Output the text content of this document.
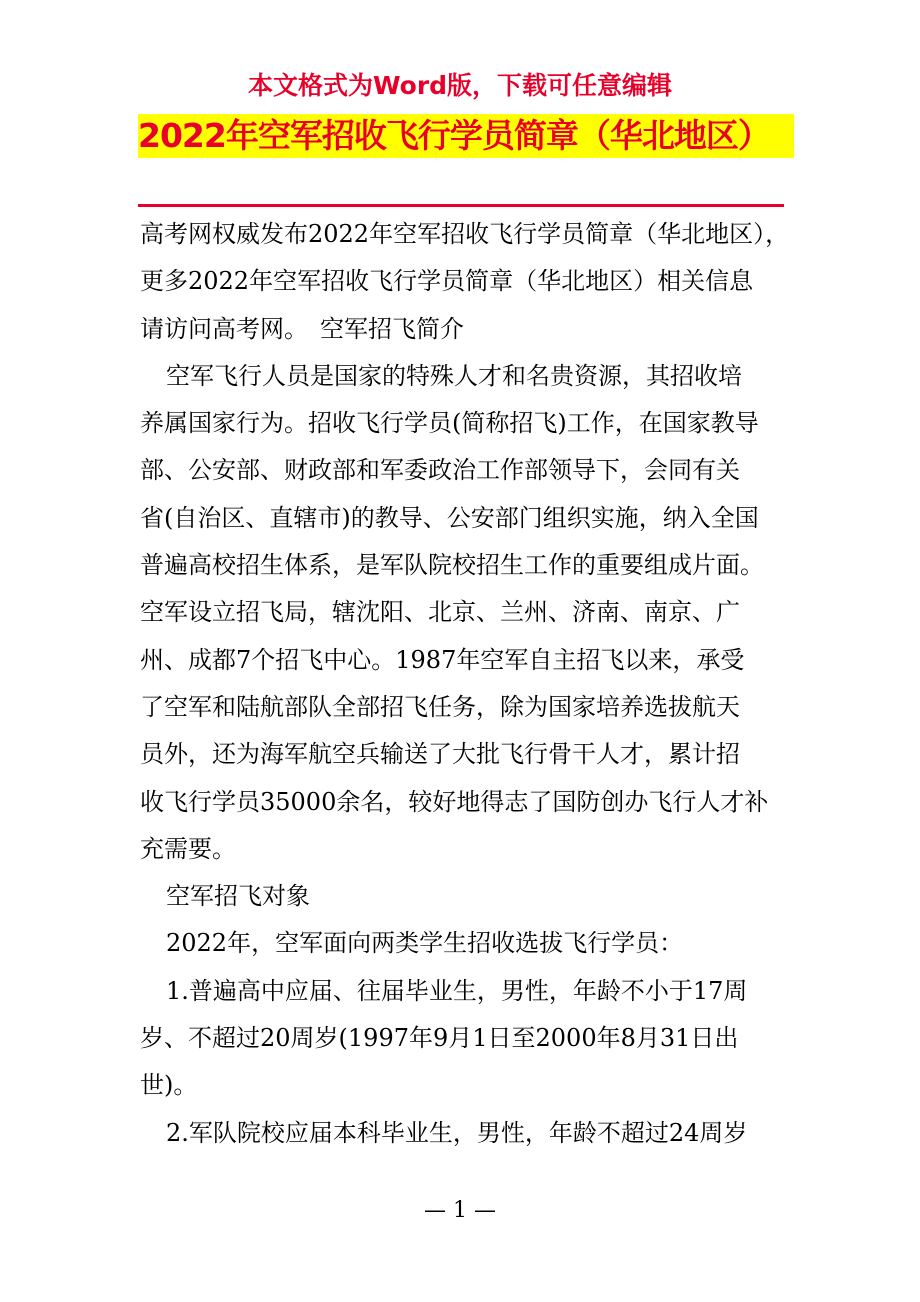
本文格式为Word版，下载可任意编辑
2022年空军招收飞行学员简章（华北地区）
高考网权威发布2022年空军招收飞行学员简章（华北地区），
更多2022年空军招收飞行学员简章（华北地区）相关信息
请访问高考网。　空军招飞简介
空军飞行人员是国家的特殊人才和名贵资源，其招收培
养属国家行为。招收飞行学员(简称招飞)工作，在国家教导
部、公安部、财政部和军委政治工作部领导下，会同有关
省(自治区、直辖市)的教导、公安部门组织实施，纳入全国
普遍高校招生体系，是军队院校招生工作的重要组成片面。
空军设立招飞局，辖沈阳、北京、兰州、济南、南京、广
州、成都7个招飞中心。1987年空军自主招飞以来，承受
了空军和陆航部队全部招飞任务，除为国家培养选拔航天
员外，还为海军航空兵输送了大批飞行骨干人才，累计招
收飞行学员35000余名，较好地得志了国防创办飞行人才补
充需要。
空军招飞对象
2022年，空军面向两类学生招收选拔飞行学员：
1.普遍高中应届、往届毕业生，男性，年龄不小于17周
岁、不超过20周岁(1997年9月1日至2000年8月31日出
世)。
2.军队院校应届本科毕业生，男性，年龄不超过24周岁
— 1 —
